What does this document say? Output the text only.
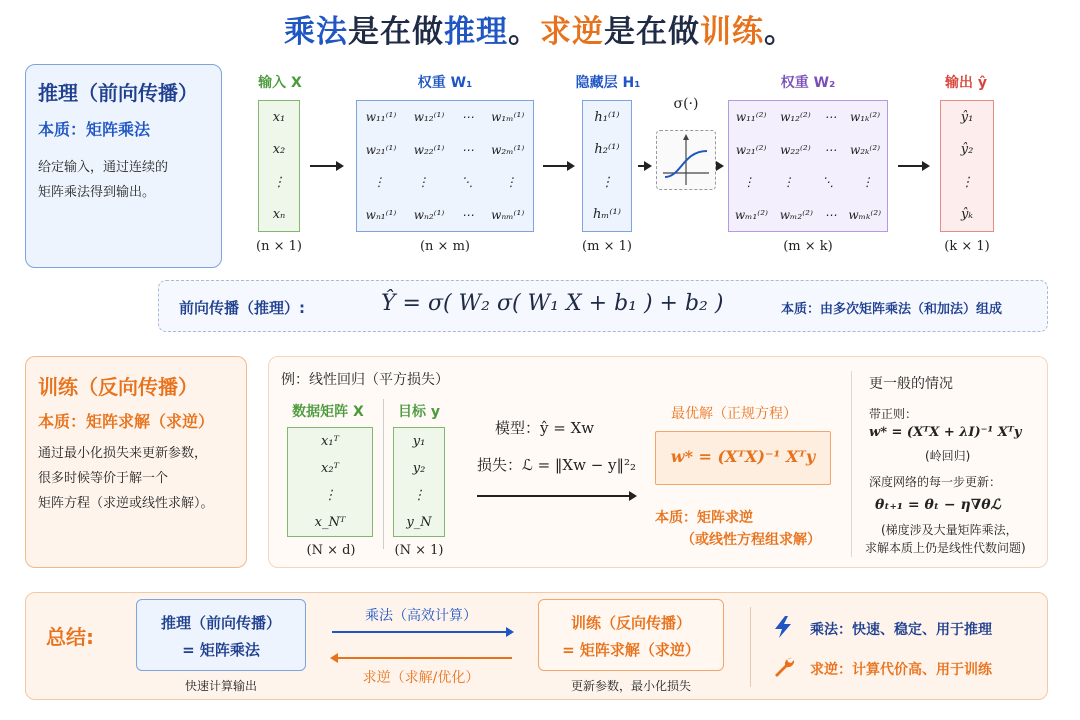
乘法是在做推理。求逆是在做训练。
推理（前向传播）
本质：矩阵乘法
给定输入，通过连续的
矩阵乘法得到输出。
输入 X	权重 W₁	隐藏层 H₁
σ(·)
权重 W₂	输出 ŷ
x₁
x₂
⋮
xₙ
w₁₁⁽¹⁾ w₁₂⁽¹⁾ ⋯ w₁ₘ⁽¹⁾
w₂₁⁽¹⁾ w₂₂⁽¹⁾ ⋯ w₂ₘ⁽¹⁾
⋮	⋮	⋱	⋮
wₙ₁⁽¹⁾ wₙ₂⁽¹⁾ ⋯ wₙₘ⁽¹⁾
h₁⁽¹⁾
h₂⁽¹⁾
⋮
hₘ⁽¹⁾
w₁₁⁽²⁾ w₁₂⁽²⁾ ⋯ w₁ₖ⁽²⁾
w₂₁⁽²⁾ w₂₂⁽²⁾ ⋯ w₂ₖ⁽²⁾
⋮ ⋮ ⋱ ⋮
wₘ₁⁽²⁾ wₘ₂⁽²⁾ ⋯ wₘₖ⁽²⁾
ŷ₁
ŷ₂
⋮
ŷₖ
(n × 1)	(n × m)	(m × 1)	(m × k)	(k × 1)
前向传播（推理）:	Ŷ = σ( W₂ σ( W₁ X + b₁ ) + b₂ )	本质：由多次矩阵乘法（和加法）组成
训练（反向传播）
本质：矩阵求解（求逆）
通过最小化损失来更新参数，
很多时候等价于解一个
矩阵方程（求逆或线性求解）。
例：线性回归（平方损失）
数据矩阵 X	目标 y
x₁ᵀ
x₂ᵀ
⋮
x_Nᵀ
y₁
y₂
⋮
y_N
(N × d)	(N × 1)
模型：ŷ = Xw
损失：ℒ = ‖Xw − y‖²₂
最优解（正规方程）
w* = (XᵀX)⁻¹ Xᵀy
本质：矩阵求逆
（或线性方程组求解）
更一般的情况
带正则：
w* = (XᵀX + λI)⁻¹ Xᵀy
(岭回归)
深度网络的每一步更新：
θₜ₊₁ = θₜ − η∇θℒ
(梯度涉及大量矩阵乘法，
求解本质上仍是线性代数问题)
总结:
推理（前向传播）
= 矩阵乘法
快速计算输出
乘法（高效计算）
求逆（求解/优化）
训练（反向传播）
= 矩阵求解（求逆）
更新参数，最小化损失
乘法：快速、稳定、用于推理
求逆：计算代价高、用于训练
